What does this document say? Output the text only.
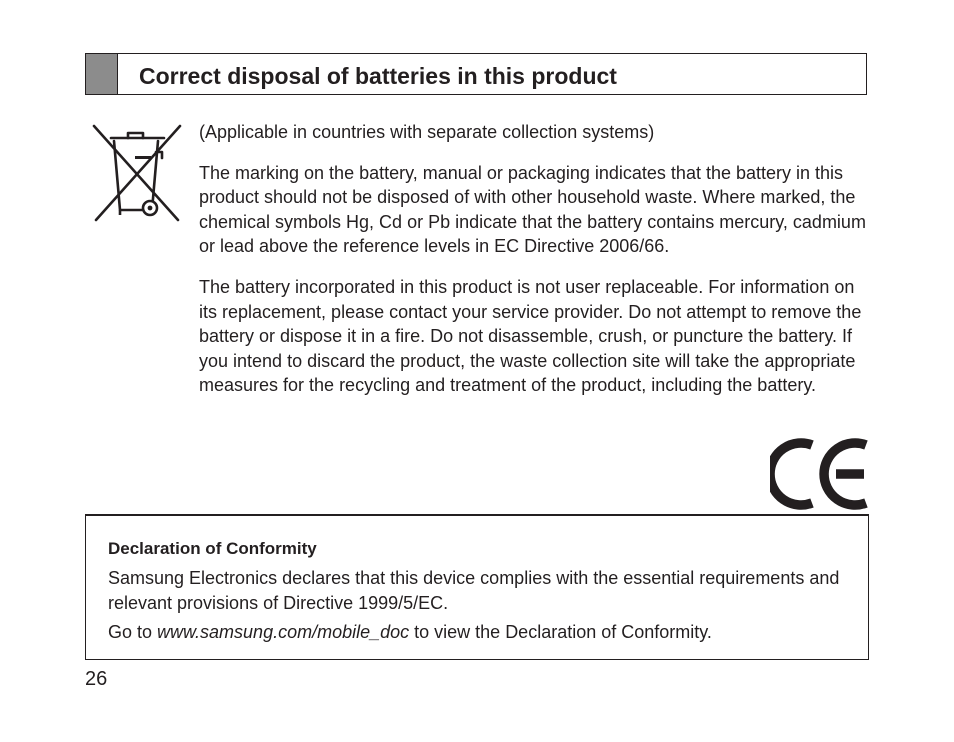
Correct disposal of batteries in this product

(Applicable in countries with separate collection systems)

The marking on the battery, manual or packaging indicates that the battery in this product should not be disposed of with other household waste. Where marked, the chemical symbols Hg, Cd or Pb indicate that the battery contains mercury, cadmium or lead above the reference levels in EC Directive 2006/66.

The battery incorporated in this product is not user replaceable. For information on its replacement, please contact your service provider. Do not attempt to remove the battery or dispose it in a fire. Do not disassemble, crush, or puncture the battery. If you intend to discard the product, the waste collection site will take the appropriate measures for the recycling and treatment of the product, including the battery.

Declaration of Conformity

Samsung Electronics declares that this device complies with the essential requirements and relevant provisions of Directive 1999/5/EC.

Go to www.samsung.com/mobile_doc to view the Declaration of Conformity.

26
